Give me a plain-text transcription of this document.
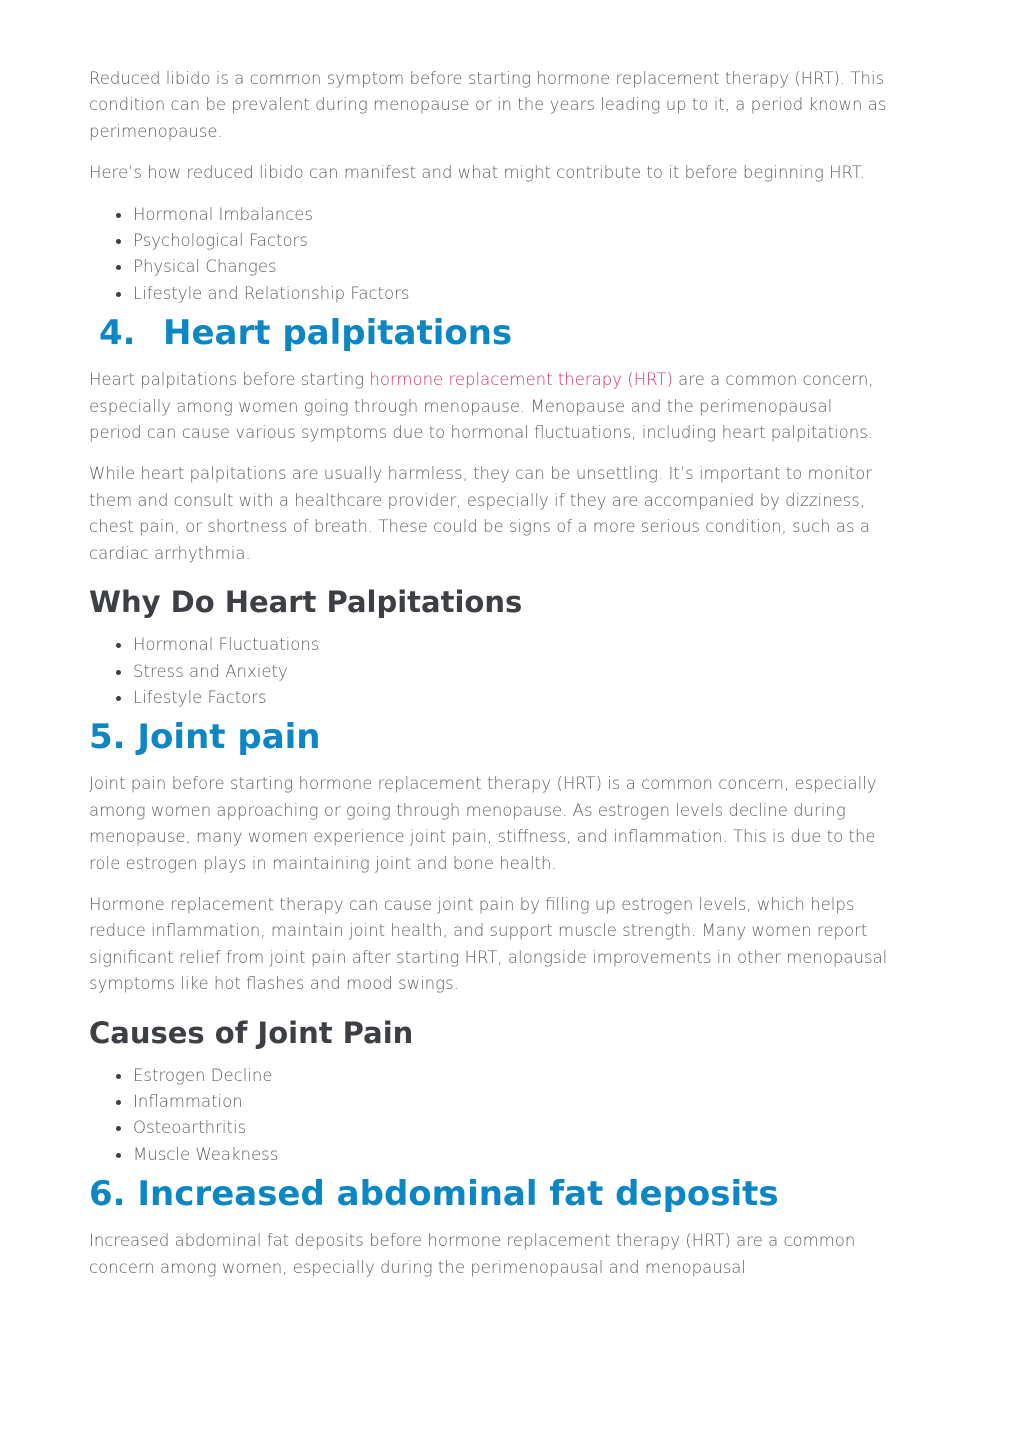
Reduced libido is a common symptom before starting hormone replacement therapy (HRT). This condition can be prevalent during menopause or in the years leading up to it, a period known as perimenopause.

Here’s how reduced libido can manifest and what might contribute to it before beginning HRT.

Hormonal Imbalances
Psychological Factors
Physical Changes
Lifestyle and Relationship Factors
4. Heart palpitations

Heart palpitations before starting hormone replacement therapy (HRT) are a common concern, especially among women going through menopause. Menopause and the perimenopausal period can cause various symptoms due to hormonal fluctuations, including heart palpitations.

While heart palpitations are usually harmless, they can be unsettling. It’s important to monitor them and consult with a healthcare provider, especially if they are accompanied by dizziness, chest pain, or shortness of breath. These could be signs of a more serious condition, such as a cardiac arrhythmia.

Why Do Heart Palpitations
Hormonal Fluctuations
Stress and Anxiety
Lifestyle Factors
5. Joint pain

Joint pain before starting hormone replacement therapy (HRT) is a common concern, especially among women approaching or going through menopause. As estrogen levels decline during menopause, many women experience joint pain, stiffness, and inflammation. This is due to the role estrogen plays in maintaining joint and bone health.

Hormone replacement therapy can cause joint pain by filling up estrogen levels, which helps reduce inflammation, maintain joint health, and support muscle strength. Many women report significant relief from joint pain after starting HRT, alongside improvements in other menopausal symptoms like hot flashes and mood swings.

Causes of Joint Pain
Estrogen Decline
Inflammation
Osteoarthritis
Muscle Weakness
6. Increased abdominal fat deposits

Increased abdominal fat deposits before hormone replacement therapy (HRT) are a common concern among women, especially during the perimenopausal and menopausal
